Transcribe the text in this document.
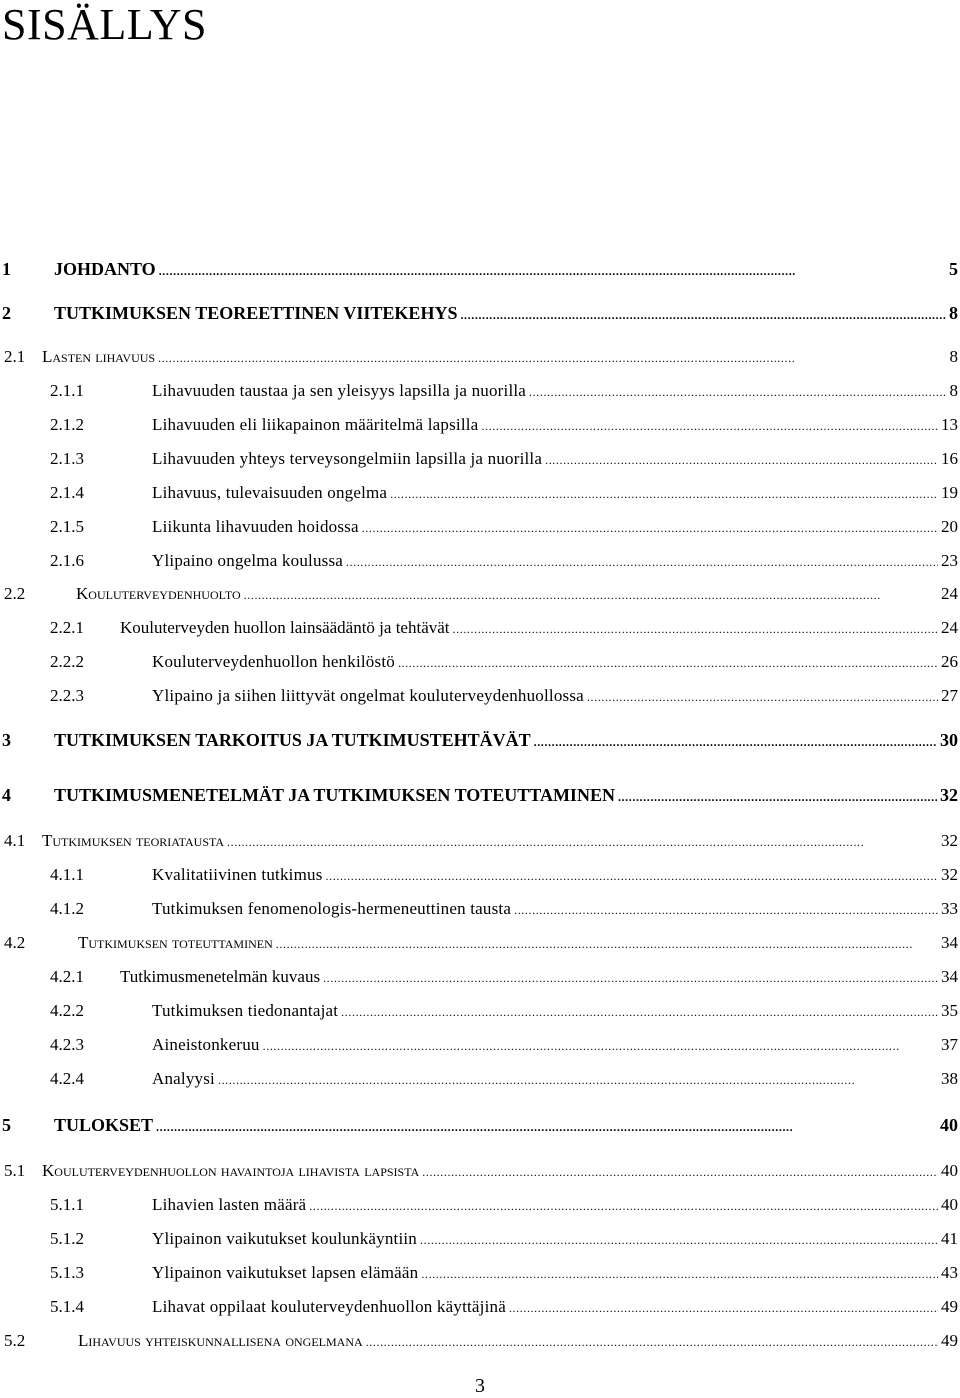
SISÄLLYS
1	JOHDANTO . . .	5
2	TUTKIMUKSEN TEOREETTINEN VIITEKEHYS . . .	8
2.1 Lasten lihavuus . . .	8
2.1.1	Lihavuuden taustaa ja sen yleisyys lapsilla ja nuorilla . . .	8
2.1.2	Lihavuuden eli liikapainon määritelmä lapsilla . . .	13
2.1.3	Lihavuuden yhteys terveysongelmiin lapsilla ja nuorilla . . .	16
2.1.4	Lihavuus, tulevaisuuden ongelma . . .	19
2.1.5	Liikunta lihavuuden hoidossa . . .	20
2.1.6	Ylipaino ongelma koulussa . . .	23
2.2	Kouluterveydenhuolto . . .	24
2.2.1	Kouluterveyden huollon lainsäädäntö ja tehtävät . . .	24
2.2.2	Kouluterveydenhuollon henkilöstö . . .	26
2.2.3	Ylipaino ja siihen liittyvät ongelmat kouluterveydenhuollossa . . .	27
3	TUTKIMUKSEN TARKOITUS JA TUTKIMUSTEHTÄVÄT . . .	30
4	TUTKIMUSMENETELMÄT JA TUTKIMUKSEN TOTEUTTAMINEN . . .	32
4.1 Tutkimuksen teoriatausta . . .	32
4.1.1	Kvalitatiivinen tutkimus . . .	32
4.1.2	Tutkimuksen fenomenologis-hermeneuttinen tausta . . .	33
4.2	Tutkimuksen toteuttaminen . . .	34
4.2.1	Tutkimusmenetelmän kuvaus . . .	34
4.2.2	Tutkimuksen tiedonantajat . . .	35
4.2.3	Aineistonkeruu . . .	37
4.2.4	Analyysi . . .	38
5	TULOKSET . . .	40
5.1 Kouluterveydenhuollon havaintoja lihavista lapsista . . .	40
5.1.1	Lihavien lasten määrä . . .	40
5.1.2	Ylipainon vaikutukset koulunkäyntiin . . .	41
5.1.3	Ylipainon vaikutukset lapsen elämään . . .	43
5.1.4	Lihavat oppilaat kouluterveydenhuollon käyttäjinä . . .	49
5.2	Lihavuus yhteiskunnallisena ongelmana . . .	49
3
